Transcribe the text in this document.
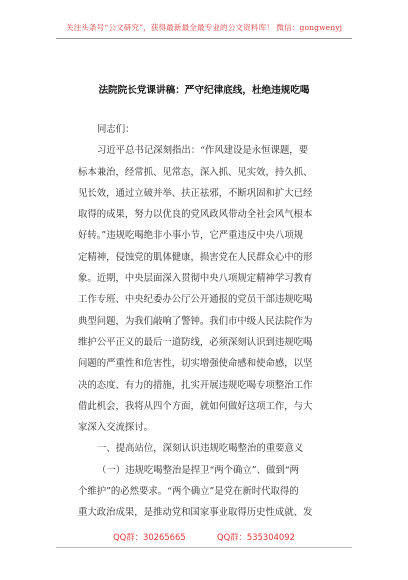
关注头条号“公文研究”，获得最新最全最专业的公文资料库！ 微信：gongwenyj
法院院长党课讲稿：严守纪律底线，杜绝违规吃喝
同志们：
习近平总书记深刻指出：“作风建设是永恒课题，要
标本兼治，经常抓、见常态，深入抓、见实效，持久抓、
见长效，通过立破并举、扶正祛邪，不断巩固和扩大已经
取得的成果，努力以优良的党风政风带动全社会风气根本
好转。”违规吃喝绝非小事小节，它严重违反中央八项规
定精神，侵蚀党的肌体健康，损害党在人民群众心中的形
象。近期，中央层面深入贯彻中央八项规定精神学习教育
工作专班、中央纪委办公厅公开通报的党员干部违规吃喝
典型问题，为我们敲响了警钟。我们市中级人民法院作为
维护公平正义的最后一道防线，必须深刻认识到违规吃喝
问题的严重性和危害性，切实增强使命感和使命感，以坚
决的态度、有力的措施，扎实开展违规吃喝专项整治工作
借此机会，我将从四个方面，就如何做好这项工作，与大
家深入交流探讨。
一、提高站位，深刻认识违规吃喝整治的重要意义
（一）违规吃喝整治是捍卫“两个确立”、做到“两
个维护”的必然要求。“两个确立”是党在新时代取得的
重大政治成果，是推动党和国家事业取得历史性成就、发
QQ群：30265665	QQ群：535304092
